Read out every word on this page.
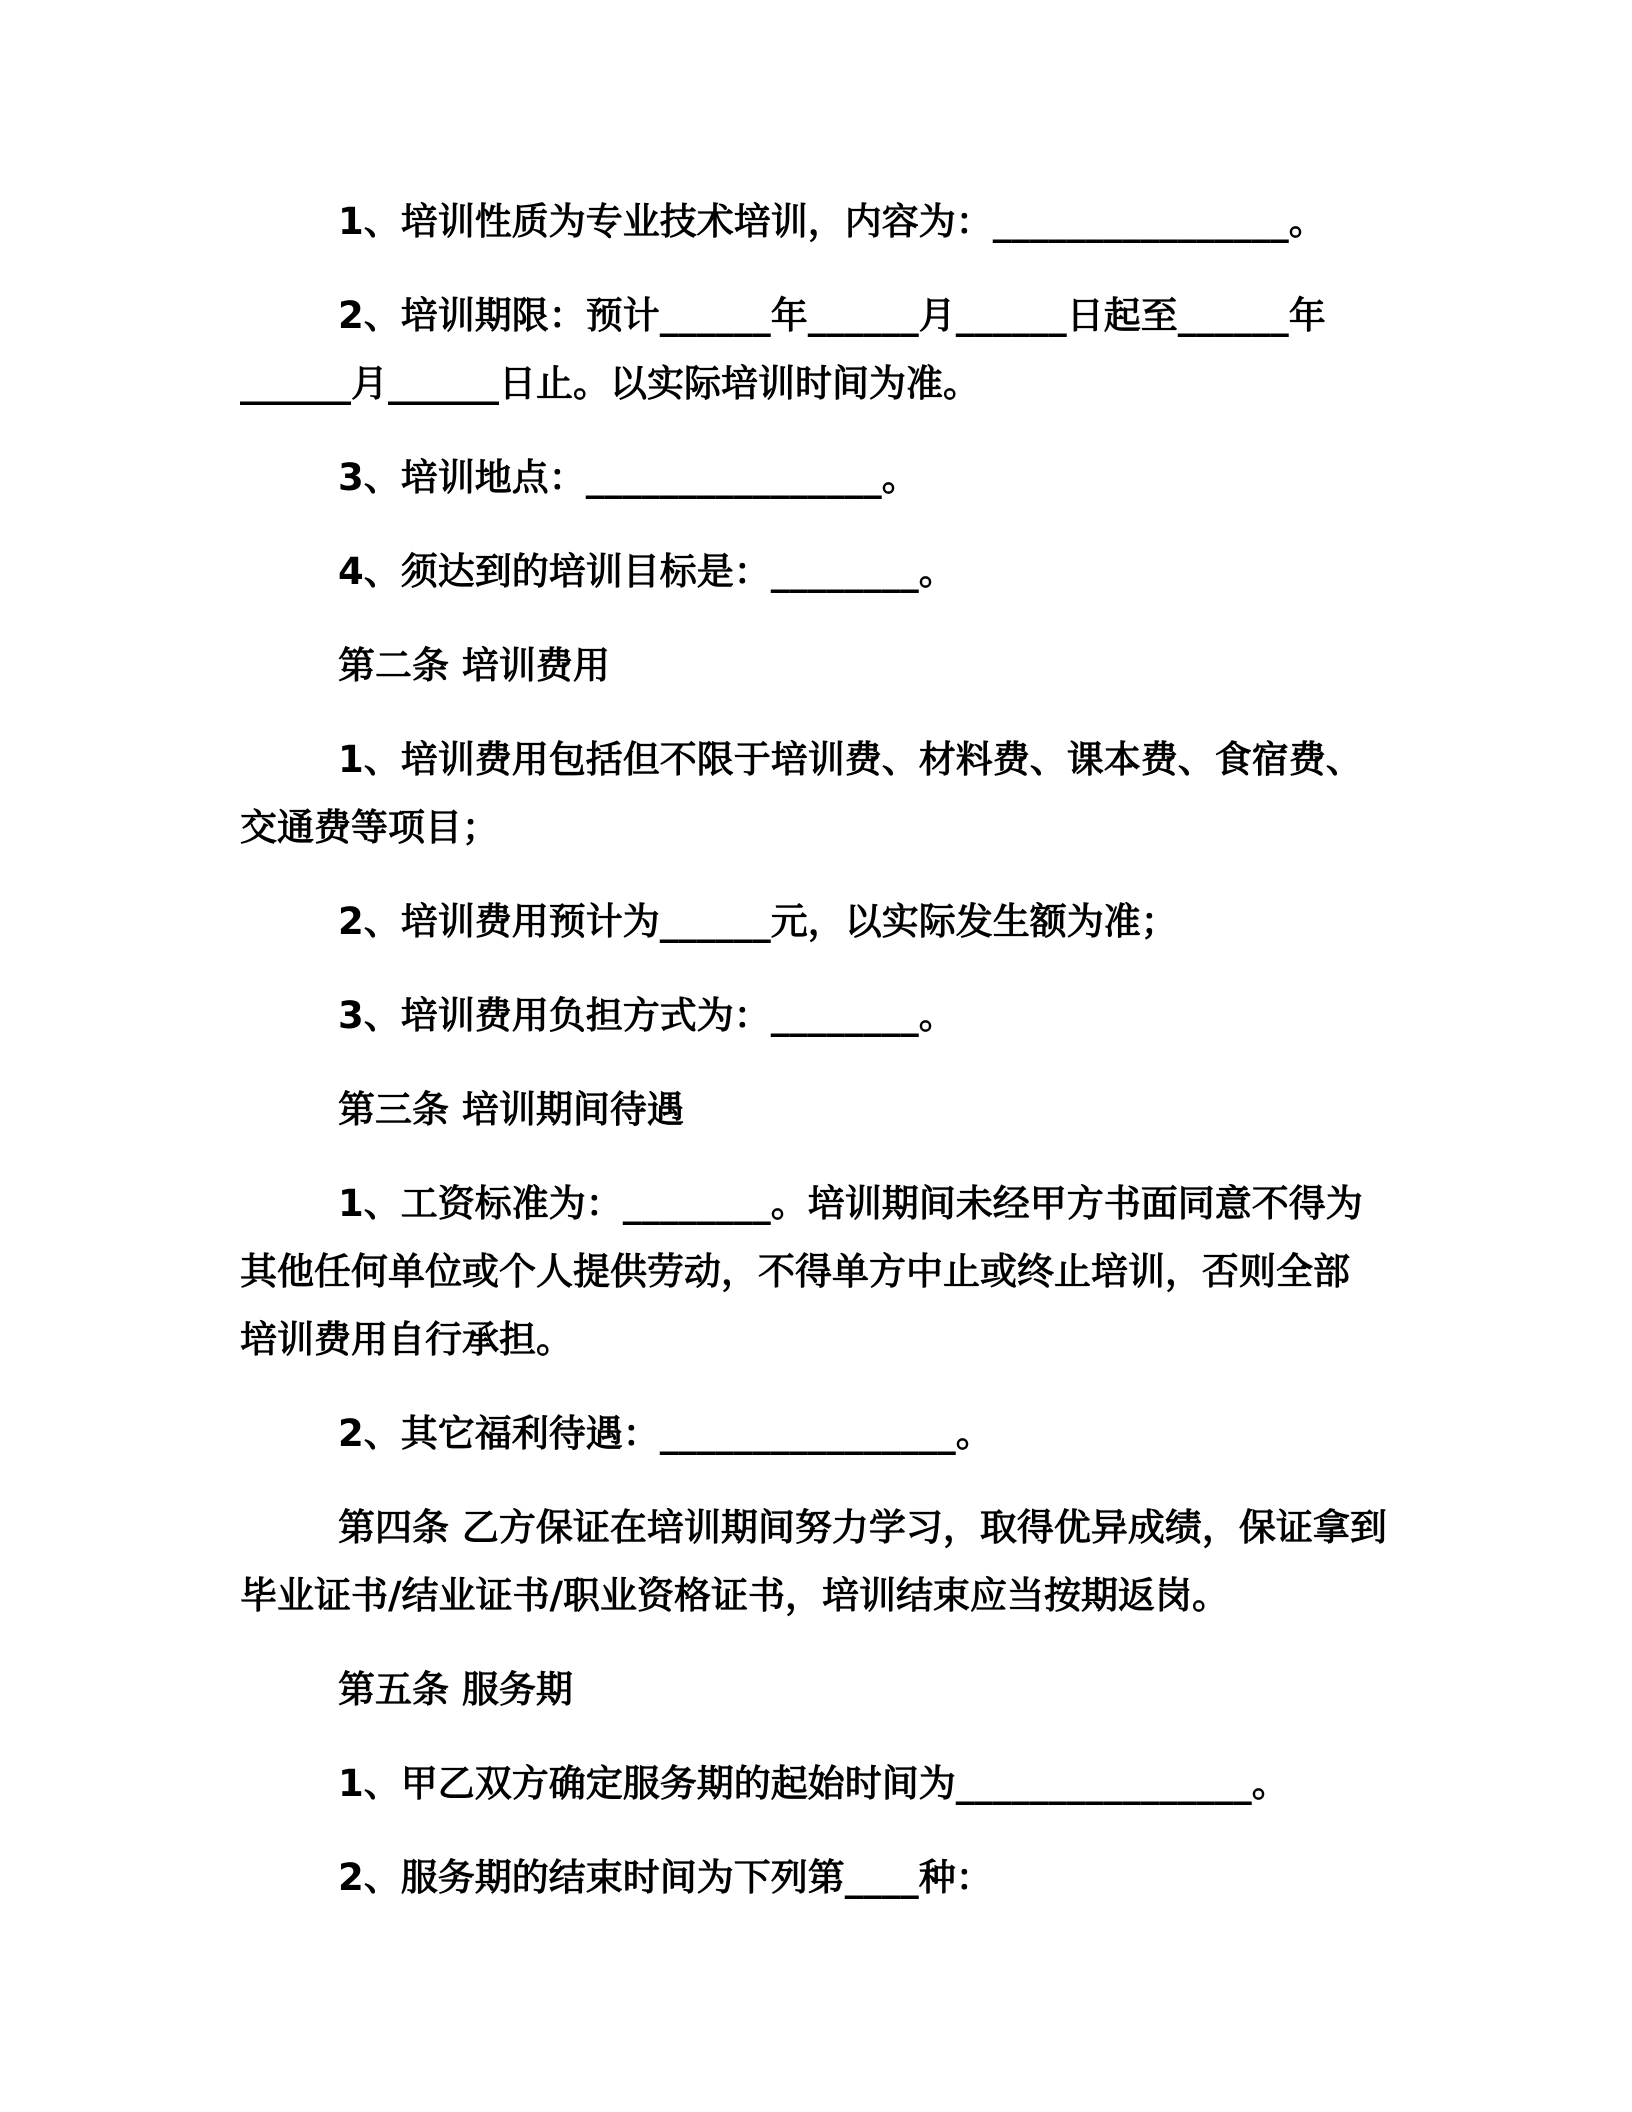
1、培训性质为专业技术培训，内容为：________________。
2、培训期限：预计______年______月______日起至______年
______月______日止。以实际培训时间为准。
3、培训地点：________________。
4、须达到的培训目标是：________。
第二条 培训费用
1、培训费用包括但不限于培训费、材料费、课本费、食宿费、
交通费等项目；
2、培训费用预计为______元，以实际发生额为准；
3、培训费用负担方式为：________。
第三条 培训期间待遇
1、工资标准为：________。培训期间未经甲方书面同意不得为
其他任何单位或个人提供劳动，不得单方中止或终止培训，否则全部
培训费用自行承担。
2、其它福利待遇：________________。
第四条 乙方保证在培训期间努力学习，取得优异成绩，保证拿到
毕业证书/结业证书/职业资格证书，培训结束应当按期返岗。
第五条 服务期
1、甲乙双方确定服务期的起始时间为________________。
2、服务期的结束时间为下列第____种：
